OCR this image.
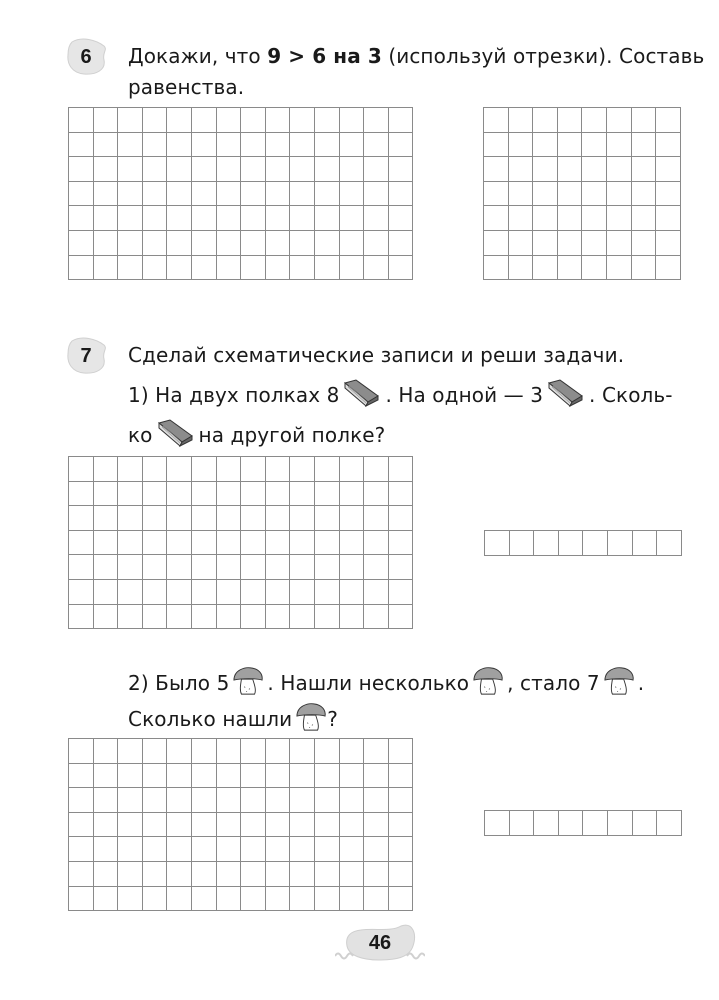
6	Докажи, что 9 > 6 на 3 (используй отрезки). Составь
равенства.
7	Сделай схематические записи и реши задачи.
1) На двух полках 8 . На одной — 3 . Сколь-
ко на другой полке?
2) Было 5 . Нашли несколько , стало 7 .
Сколько нашли ?
46
